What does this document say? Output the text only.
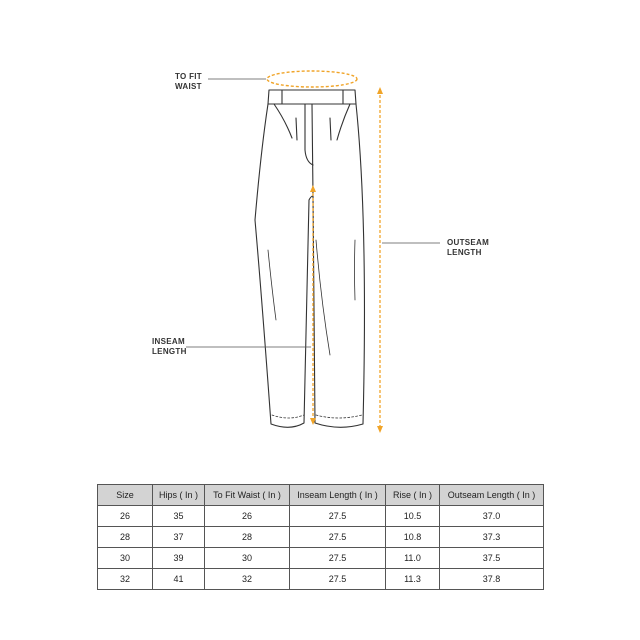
TO FIT
WAIST
INSEAM
LENGTH
OUTSEAM
LENGTH
Size	Hips ( In )	To Fit Waist ( In )	Inseam Length ( In )	Rise ( In )	Outseam Length ( In )
26	35	26	27.5	10.5	37.0
28	37	28	27.5	10.8	37.3
30	39	30	27.5	11.0	37.5
32	41	32	27.5	11.3	37.8
